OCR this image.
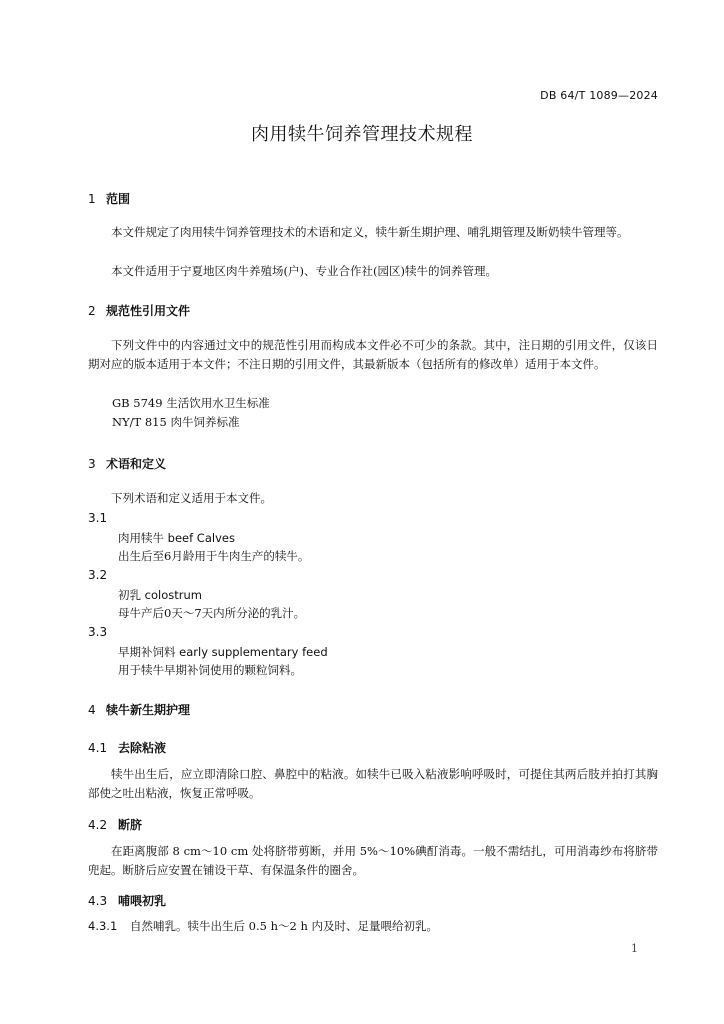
DB 64/T 1089—2024
肉用犊牛饲养管理技术规程
1 范围
本文件规定了肉用犊牛饲养管理技术的术语和定义，犊牛新生期护理、哺乳期管理及断奶犊牛管理等。
本文件适用于宁夏地区肉牛养殖场(户)、专业合作社(园区)犊牛的饲养管理。
2 规范性引用文件
下列文件中的内容通过文中的规范性引用而构成本文件必不可少的条款。其中，注日期的引用文件，仅该日期对应的版本适用于本文件；不注日期的引用文件，其最新版本（包括所有的修改单）适用于本文件。
GB 5749 生活饮用水卫生标准
NY/T 815 肉牛饲养标准
3 术语和定义
下列术语和定义适用于本文件。
3.1
肉用犊牛 beef Calves
出生后至6月龄用于牛肉生产的犊牛。
3.2
初乳 colostrum
母牛产后0天～7天内所分泌的乳汁。
3.3
早期补饲料 early supplementary feed
用于犊牛早期补饲使用的颗粒饲料。
4 犊牛新生期护理
4.1 去除粘液
犊牛出生后，应立即清除口腔、鼻腔中的粘液。如犊牛已吸入粘液影响呼吸时，可提住其两后肢并拍打其胸部使之吐出粘液，恢复正常呼吸。
4.2 断脐
在距离腹部 8 cm～10 cm 处将脐带剪断，并用 5%～10%碘酊消毒。一般不需结扎，可用消毒纱布将脐带兜起。断脐后应安置在铺设干草、有保温条件的圈舍。
4.3 哺喂初乳
4.3.1 自然哺乳。犊牛出生后 0.5 h～2 h 内及时、足量喂给初乳。
1
